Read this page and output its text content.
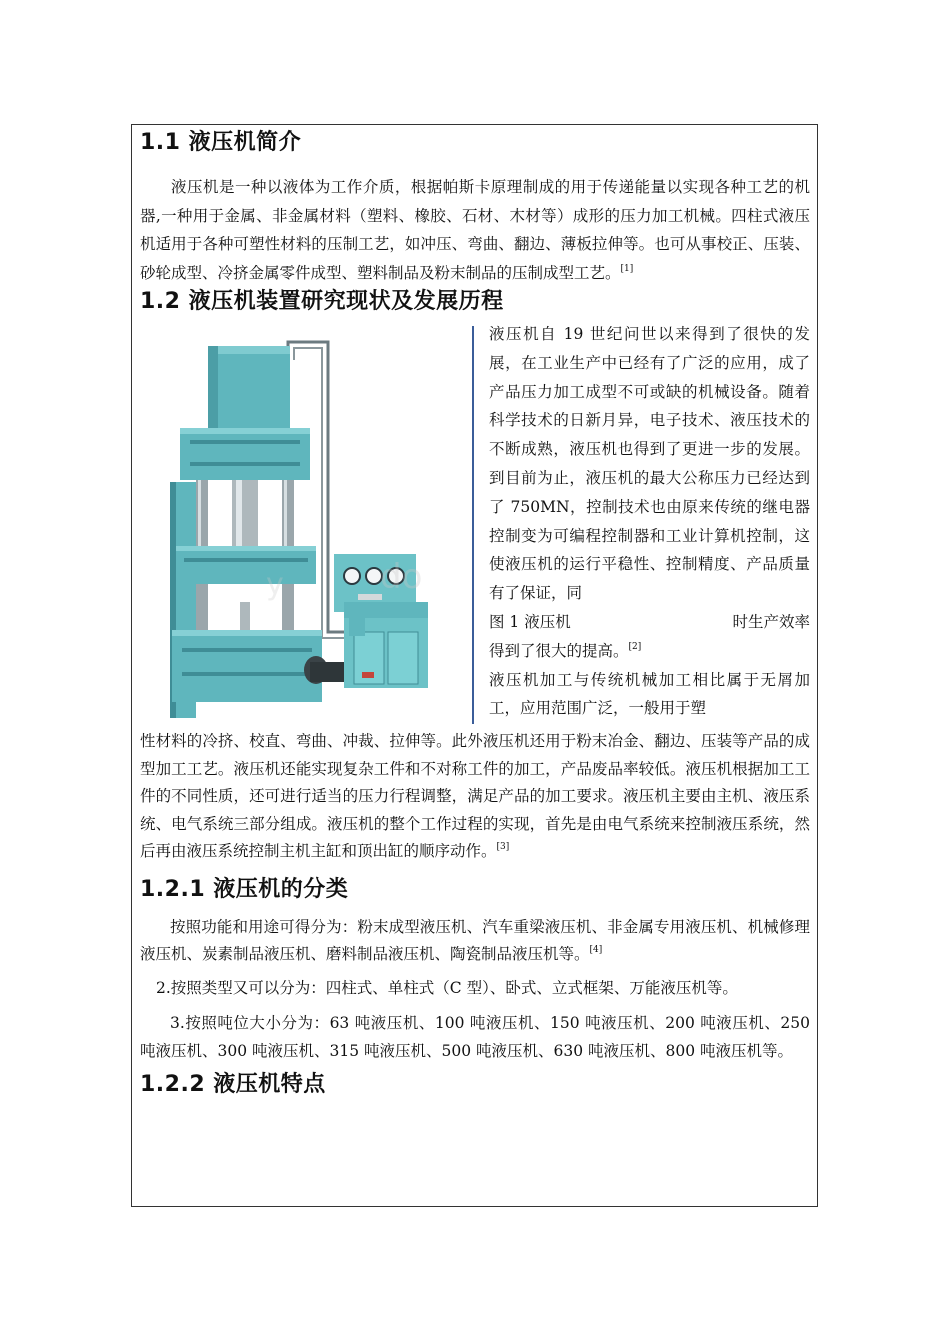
1.1 液压机简介

液压机是一种以液体为工作介质，根据帕斯卡原理制成的用于传递能量以实现各种工艺的机器,一种用于金属、非金属材料（塑料、橡胶、石材、木材等）成形的压力加工机械。四柱式液压机适用于各种可塑性材料的压制工艺，如冲压、弯曲、翻边、薄板拉伸等。也可从事校正、压装、砂轮成型、冷挤金属零件成型、塑料制品及粉末制品的压制成型工艺。[1]

1.2 液压机装置研究现状及发展历程
do
y

液压机自 19 世纪问世以来得到了很快的发展，在工业生产中已经有了广泛的应用，成了产品压力加工成型不可或缺的机械设备。随着科学技术的日新月异，电子技术、液压技术的不断成熟，液压机也得到了更进一步的发展。到目前为止，液压机的最大公称压力已经达到了 750MN，控制技术也由原来传统的继电器控制变为可编程控制器和工业计算机控制，这使液压机的运行平稳性、控制精度、产品质量有了保证，同

图 1 液压机	时生产效率

得到了很大的提高。[2]

液压机加工与传统机械加工相比属于无屑加工，应用范围广泛，一般用于塑

性材料的冷挤、校直、弯曲、冲裁、拉伸等。此外液压机还用于粉末冶金、翻边、压装等产品的成型加工工艺。液压机还能实现复杂工件和不对称工件的加工，产品废品率较低。液压机根据加工工件的不同性质，还可进行适当的压力行程调整，满足产品的加工要求。液压机主要由主机、液压系统、电气系统三部分组成。液压机的整个工作过程的实现，首先是由电气系统来控制液压系统，然后再由液压系统控制主机主缸和顶出缸的顺序动作。[3]

1.2.1 液压机的分类

按照功能和用途可得分为：粉末成型液压机、汽车重梁液压机、非金属专用液压机、机械修理液压机、炭素制品液压机、磨料制品液压机、陶瓷制品液压机等。[4]

2.按照类型又可以分为：四柱式、单柱式（C 型）、卧式、立式框架、万能液压机等。

3.按照吨位大小分为：63 吨液压机、100 吨液压机、150 吨液压机、200 吨液压机、250 吨液压机、300 吨液压机、315 吨液压机、500 吨液压机、630 吨液压机、800 吨液压机等。

1.2.2 液压机特点
